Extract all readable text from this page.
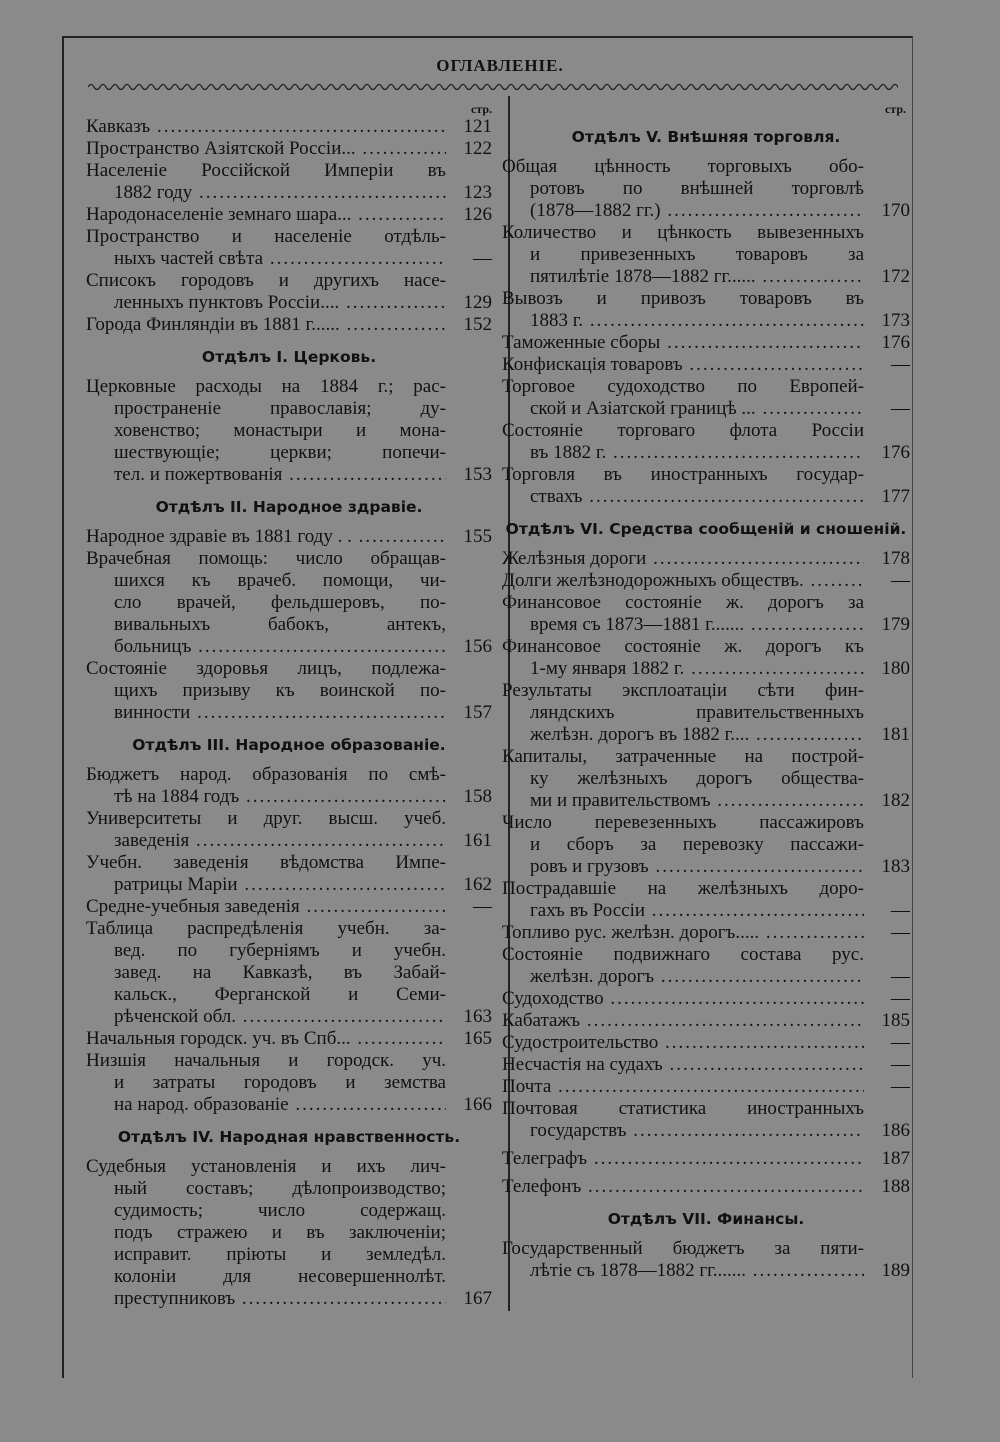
ОГЛАВЛЕНІЕ.
стр.
Кавказъ .....	121
Пространство Азіятской Россіи... .....	122
Населеніе Россійской Имперіи въ
1882 году .....	123
Народонаселеніе земнаго шара... .....	126
Пространство и населеніе отдѣль-
ныхъ частей свѣта .....	—
Списокъ городовъ и другихъ насе-
ленныхъ пунктовъ Россіи.... .....	129
Города Финляндіи въ 1881 г...... .....	152
Отдѣлъ I. Церковь.
Церковные расходы на 1884 г.; рас-
пространеніе православія; ду-
ховенство; монастыри и мона-
шествующіе; церкви; попечи-
тел. и пожертвованія .....	153
Отдѣлъ II. Народное здравіе.
Народное здравіе въ 1881 году . . .....	155
Врачебная помощь: число обращав-
шихся къ врачеб. помощи, чи-
сло врачей, фельдшеровъ, по-
вивальныхъ бабокъ, антекъ,
больницъ .....	156
Состояніе здоровья лицъ, подлежа-
щихъ призыву къ воинской по-
винности .....	157
Отдѣлъ III. Народное образованіе.
Бюджетъ народ. образованія по смѣ-
тѣ на 1884 годъ .....	158
Университеты и друг. высш. учеб.
заведенія .....	161
Учебн. заведенія вѣдомства Импе-
ратрицы Маріи .....	162
Средне-учебныя заведенія .....	—
Таблица распредѣленія учебн. за-
вед. по губерніямъ и учебн.
завед. на Кавказѣ, въ Забай-
кальск., Ферганской и Семи-
рѣченской обл. .....	163
Начальныя городск. уч. въ Спб... .....	165
Низшія начальныя и городск. уч.
и затраты городовъ и земства
на народ. образованіе .....	166
Отдѣлъ IV. Народная нравственность.
Судебныя установленія и ихъ лич-
ный составъ; дѣлопроизводство;
судимость; число содержащ.
подъ стражею и въ заключеніи;
исправит. пріюты и земледѣл.
колоніи для несовершеннолѣт.
преступниковъ .....	167
стр.
Отдѣлъ V. Внѣшняя торговля.
Общая цѣнность торговыхъ обо-
ротовъ по внѣшней торговлѣ
(1878—1882 гг.) .....	170
Количество и цѣнкость вывезенныхъ
и привезенныхъ товаровъ за
пятилѣтіе 1878—1882 гг...... .....	172
Вывозъ и привозъ товаровъ въ
1883 г. .....	173
Таможенные сборы .....	176
Конфискація товаровъ .....	—
Торговое судоходство по Европей-
ской и Азіатской границѣ ... .....	—
Состояніе торговаго флота Россіи
въ 1882 г. .....	176
Торговля въ иностранныхъ государ-
ствахъ .....	177
Отдѣлъ VI. Средства сообщеній и сношеній.
Желѣзныя дороги .....	178
Долги желѣзнодорожныхъ обществъ. .....	—
Финансовое состояніе ж. дорогъ за
время съ 1873—1881 г....... .....	179
Финансовое состояніе ж. дорогъ къ
1-му января 1882 г. .....	180
Результаты эксплоатаціи сѣти фин-
ляндскихъ правительственныхъ
желѣзн. дорогъ въ 1882 г.... .....	181
Капиталы, затраченные на построй-
ку желѣзныхъ дорогъ общества-
ми и правительствомъ .....	182
Число перевезенныхъ пассажировъ
и сборъ за перевозку пассажи-
ровъ и грузовъ .....	183
Пострадавшіе на желѣзныхъ доро-
гахъ въ Россіи .....	—
Топливо рус. желѣзн. дорогъ..... .....	—
Состояніе подвижнаго состава рус.
желѣзн. дорогъ .....	—
Судоходство .....	—
Кабатажъ .....	185
Судостроительство .....	—
Несчастія на судахъ .....	—
Почта .....	—
Почтовая статистика иностранныхъ
государствъ .....	186
Телеграфъ .....	187
Телефонъ .....	188
Отдѣлъ VII. Финансы.
Государственный бюджетъ за пяти-
лѣтіе съ 1878—1882 гг....... .....	189
